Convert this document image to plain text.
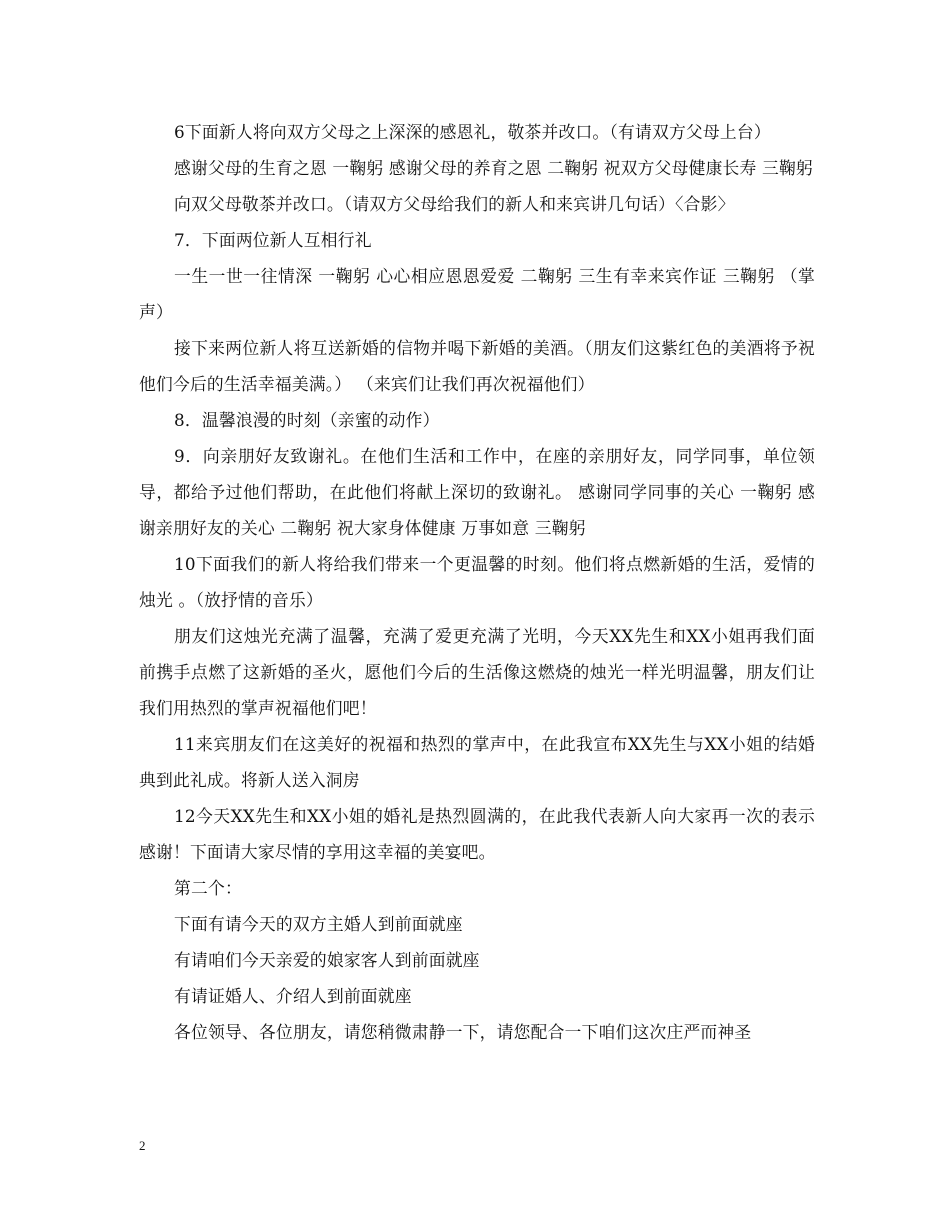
6下面新人将向双方父母之上深深的感恩礼，敬茶并改口。（有请双方父母上台）

感谢父母的生育之恩 一鞠躬 感谢父母的养育之恩 二鞠躬 祝双方父母健康长寿 三鞠躬

向双父母敬茶并改口。（请双方父母给我们的新人和来宾讲几句话）〈合影〉

7．下面两位新人互相行礼

一生一世一往情深 一鞠躬 心心相应恩恩爱爱 二鞠躬 三生有幸来宾作证 三鞠躬 （掌声）

接下来两位新人将互送新婚的信物并喝下新婚的美酒。（朋友们这紫红色的美酒将予祝他们今后的生活幸福美满。） （来宾们让我们再次祝福他们）

8．温馨浪漫的时刻（亲蜜的动作）

9．向亲朋好友致谢礼。在他们生活和工作中，在座的亲朋好友，同学同事，单位领导，都给予过他们帮助，在此他们将献上深切的致谢礼。 感谢同学同事的关心 一鞠躬 感谢亲朋好友的关心 二鞠躬 祝大家身体健康 万事如意 三鞠躬

10下面我们的新人将给我们带来一个更温馨的时刻。他们将点燃新婚的生活，爱情的烛光 。（放抒情的音乐）

朋友们这烛光充满了温馨，充满了爱更充满了光明，今天XX先生和XX小姐再我们面前携手点燃了这新婚的圣火，愿他们今后的生活像这燃烧的烛光一样光明温馨，朋友们让我们用热烈的掌声祝福他们吧！

11来宾朋友们在这美好的祝福和热烈的掌声中，在此我宣布XX先生与XX小姐的结婚典到此礼成。将新人送入洞房

12今天XX先生和XX小姐的婚礼是热烈圆满的，在此我代表新人向大家再一次的表示感谢！下面请大家尽情的享用这幸福的美宴吧。

第二个：

下面有请今天的双方主婚人到前面就座

有请咱们今天亲爱的娘家客人到前面就座

有请证婚人、介绍人到前面就座

各位领导、各位朋友，请您稍微肃静一下，请您配合一下咱们这次庄严而神圣

2
